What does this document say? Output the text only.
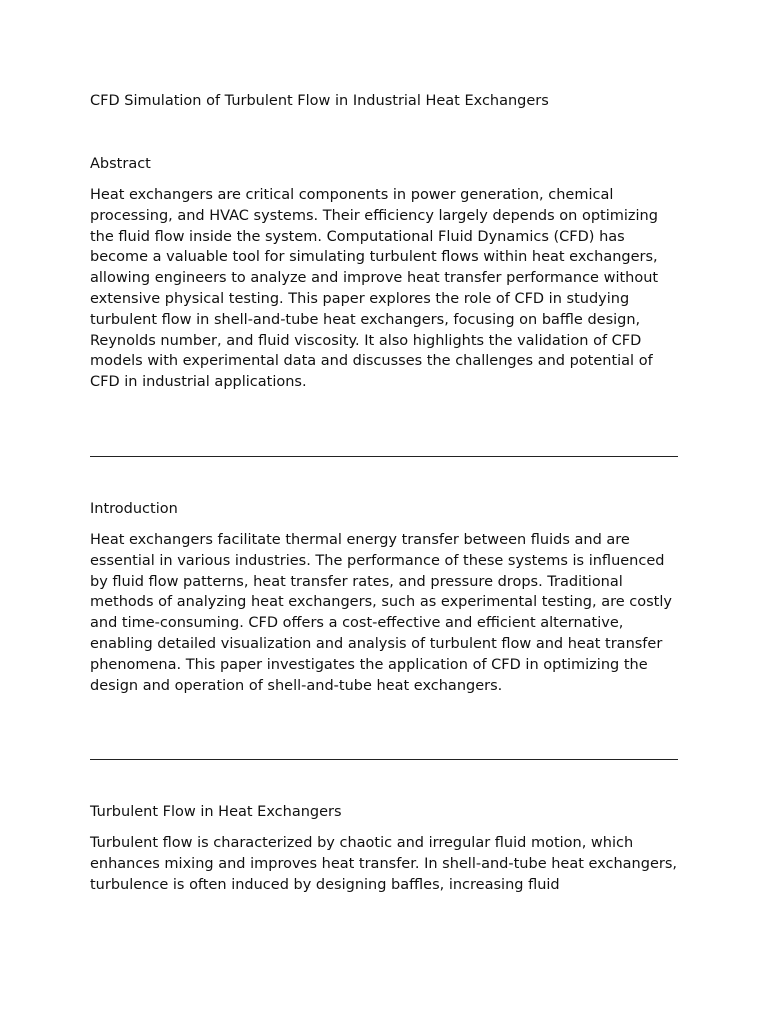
CFD Simulation of Turbulent Flow in Industrial Heat Exchangers

Abstract

Heat exchangers are critical components in power generation, chemical processing, and HVAC systems. Their efficiency largely depends on optimizing the fluid flow inside the system. Computational Fluid Dynamics (CFD) has become a valuable tool for simulating turbulent flows within heat exchangers, allowing engineers to analyze and improve heat transfer performance without extensive physical testing. This paper explores the role of CFD in studying turbulent flow in shell-and-tube heat exchangers, focusing on baffle design, Reynolds number, and fluid viscosity. It also highlights the validation of CFD models with experimental data and discusses the challenges and potential of CFD in industrial applications.

Introduction

Heat exchangers facilitate thermal energy transfer between fluids and are essential in various industries. The performance of these systems is influenced by fluid flow patterns, heat transfer rates, and pressure drops. Traditional methods of analyzing heat exchangers, such as experimental testing, are costly and time-consuming. CFD offers a cost-effective and efficient alternative, enabling detailed visualization and analysis of turbulent flow and heat transfer phenomena. This paper investigates the application of CFD in optimizing the design and operation of shell-and-tube heat exchangers.

Turbulent Flow in Heat Exchangers

Turbulent flow is characterized by chaotic and irregular fluid motion, which enhances mixing and improves heat transfer. In shell-and-tube heat exchangers, turbulence is often induced by designing baffles, increasing fluid
